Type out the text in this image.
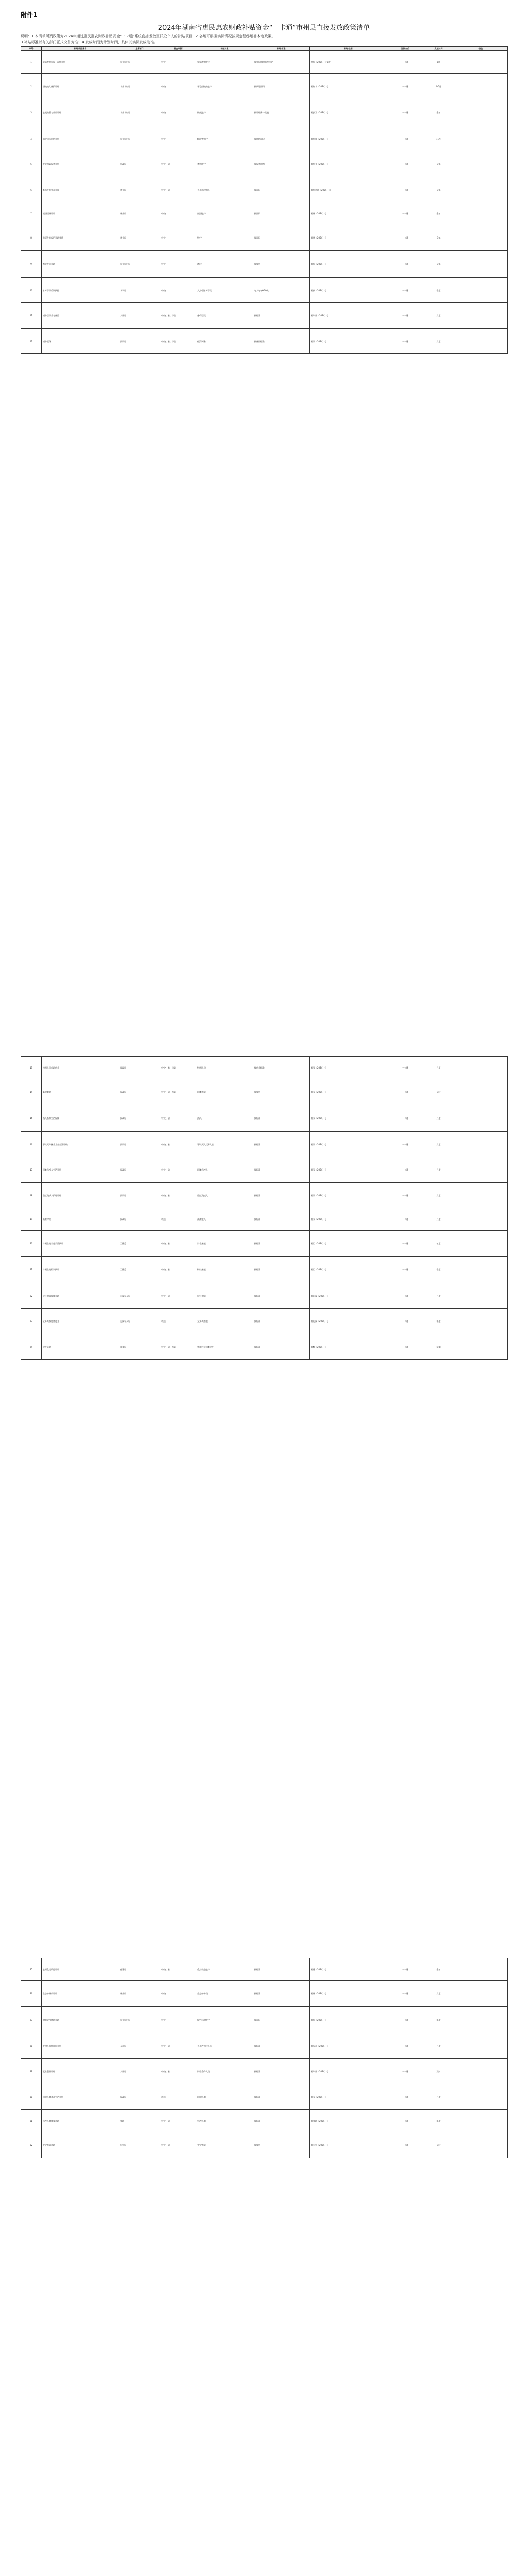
附件1
2024年湖南省惠民惠农财政补贴资金“一卡通”市州县直接发放政策清单
说明：1.本清单所列政策为2024年通过惠民惠农财政补贴资金“一卡通”系统直接发放至群众个人的补贴项目；2.各地可根据实际情况按规定程序增补本地政策。
3.补贴标准以有关部门正式文件为准；4.发放时间为计划时间，具体以实际发放为准。
序号	补贴项目名称	主管部门	资金来源	补贴对象	补贴标准	补贴依据	发放方式	发放时间	备注
1	实际种粮农民一次性补贴	农业农村厅	中央	实际种粮农民	按实际种粮面积核定	财农〔2024〕号文件	一卡通	5月	
2	耕地地力保护补贴	农业农村厅	中央	承包耕地的农户	按耕地面积	湘财农〔2024〕号	一卡通	4-6月	
3	农机购置与应用补贴	农业农村厅	中央	购机农户	按补贴额一览表	湘农发〔2024〕号	一卡通	全年	
4	稻谷目标价格补贴	农业农村厅	中央	稻谷种植户	按种植面积	湘财建〔2024〕号	一卡通	11月	
5	农业保险保费补贴	财政厅	中央、省	参保农户	按保费比例	湘财金〔2024〕号	一卡通	全年	
6	森林生态效益补偿	林业局	中央、省	公益林权利人	按面积	湘财资环〔2024〕号	一卡通	全年	
7	退耕还林补助	林业局	中央	退耕农户	按面积	湘林〔2024〕号	一卡通	全年	
8	草原生态保护补助奖励	林业局	中央	牧户	按面积	湘林〔2024〕号	一卡通	全年	
9	渔业发展补助	农业农村厅	中央	渔民	按规定	湘农〔2024〕号	一卡通	全年	
10	水库移民后期扶持	水利厅	中央	大中型水库移民	每人每年600元	湘水〔2024〕号	一卡通	季度	
11	城乡居民养老保险	人社厅	中央、省、市县	参保居民	按标准	湘人社〔2024〕号	一卡通	月度	
12	城乡低保	民政厅	中央、省、市县	低保对象	按保障标准	湘民〔2024〕号	一卡通	月度	
13	特困人员救助供养	民政厅	中央、省、市县	特困人员	按供养标准	湘民〔2024〕号	一卡通	月度	
14	临时救助	民政厅	中央、省、市县	困难群众	按规定	湘民〔2024〕号	一卡通	及时	
15	孤儿基本生活保障	民政厅	中央、省	孤儿	按标准	湘民〔2024〕号	一卡通	月度	
16	事实无人抚养儿童生活补贴	民政厅	中央、省	事实无人抚养儿童	按标准	湘民〔2024〕号	一卡通	月度	
17	困难残疾人生活补贴	民政厅	中央、省	困难残疾人	按标准	湘民〔2024〕号	一卡通	月度	
18	重度残疾人护理补贴	民政厅	中央、省	重度残疾人	按标准	湘民〔2024〕号	一卡通	月度	
19	高龄津贴	民政厅	市县	高龄老人	按标准	湘民〔2024〕号	一卡通	月度	
20	计划生育家庭奖励扶助	卫健委	中央、省	计生家庭	按标准	湘卫〔2024〕号	一卡通	年度	
21	计划生育特别扶助	卫健委	中央、省	特扶家庭	按标准	湘卫〔2024〕号	一卡通	季度	
22	优抚对象抚恤补助	退役军人厅	中央、省	优抚对象	按标准	湘退役〔2024〕号	一卡通	月度	
23	义务兵家庭优待金	退役军人厅	市县	义务兵家庭	按标准	湘退役〔2024〕号	一卡通	年度	
24	学生资助	教育厅	中央、省、市县	家庭经济困难学生	按标准	湘教〔2024〕号	一卡通	学期	
25	农村危房改造补助	住建厅	中央、省	危房改造农户	按标准	湘建〔2024〕号	一卡通	全年	
26	生态护林员补助	林业局	中央	生态护林员	按标准	湘林〔2024〕号	一卡通	月度	
27	耕地轮作休耕补助	农业农村厅	中央	轮作休耕农户	按面积	湘农〔2024〕号	一卡通	年度	
28	农村公益性岗位补贴	人社厅	中央、省	公益性岗位人员	按标准	湘人社〔2024〕号	一卡通	月度	
29	就业创业补贴	人社厅	中央、省	符合条件人员	按标准	湘人社〔2024〕号	一卡通	及时	
30	困境儿童基本生活补贴	民政厅	市县	困境儿童	按标准	湘民〔2024〕号	一卡通	月度	
31	残疾儿童康复救助	残联	中央、省	残疾儿童	按标准	湘残联〔2024〕号	一卡通	年度	
32	受灾群众救助	应急厅	中央、省	受灾群众	按规定	湘应急〔2024〕号	一卡通	及时	
